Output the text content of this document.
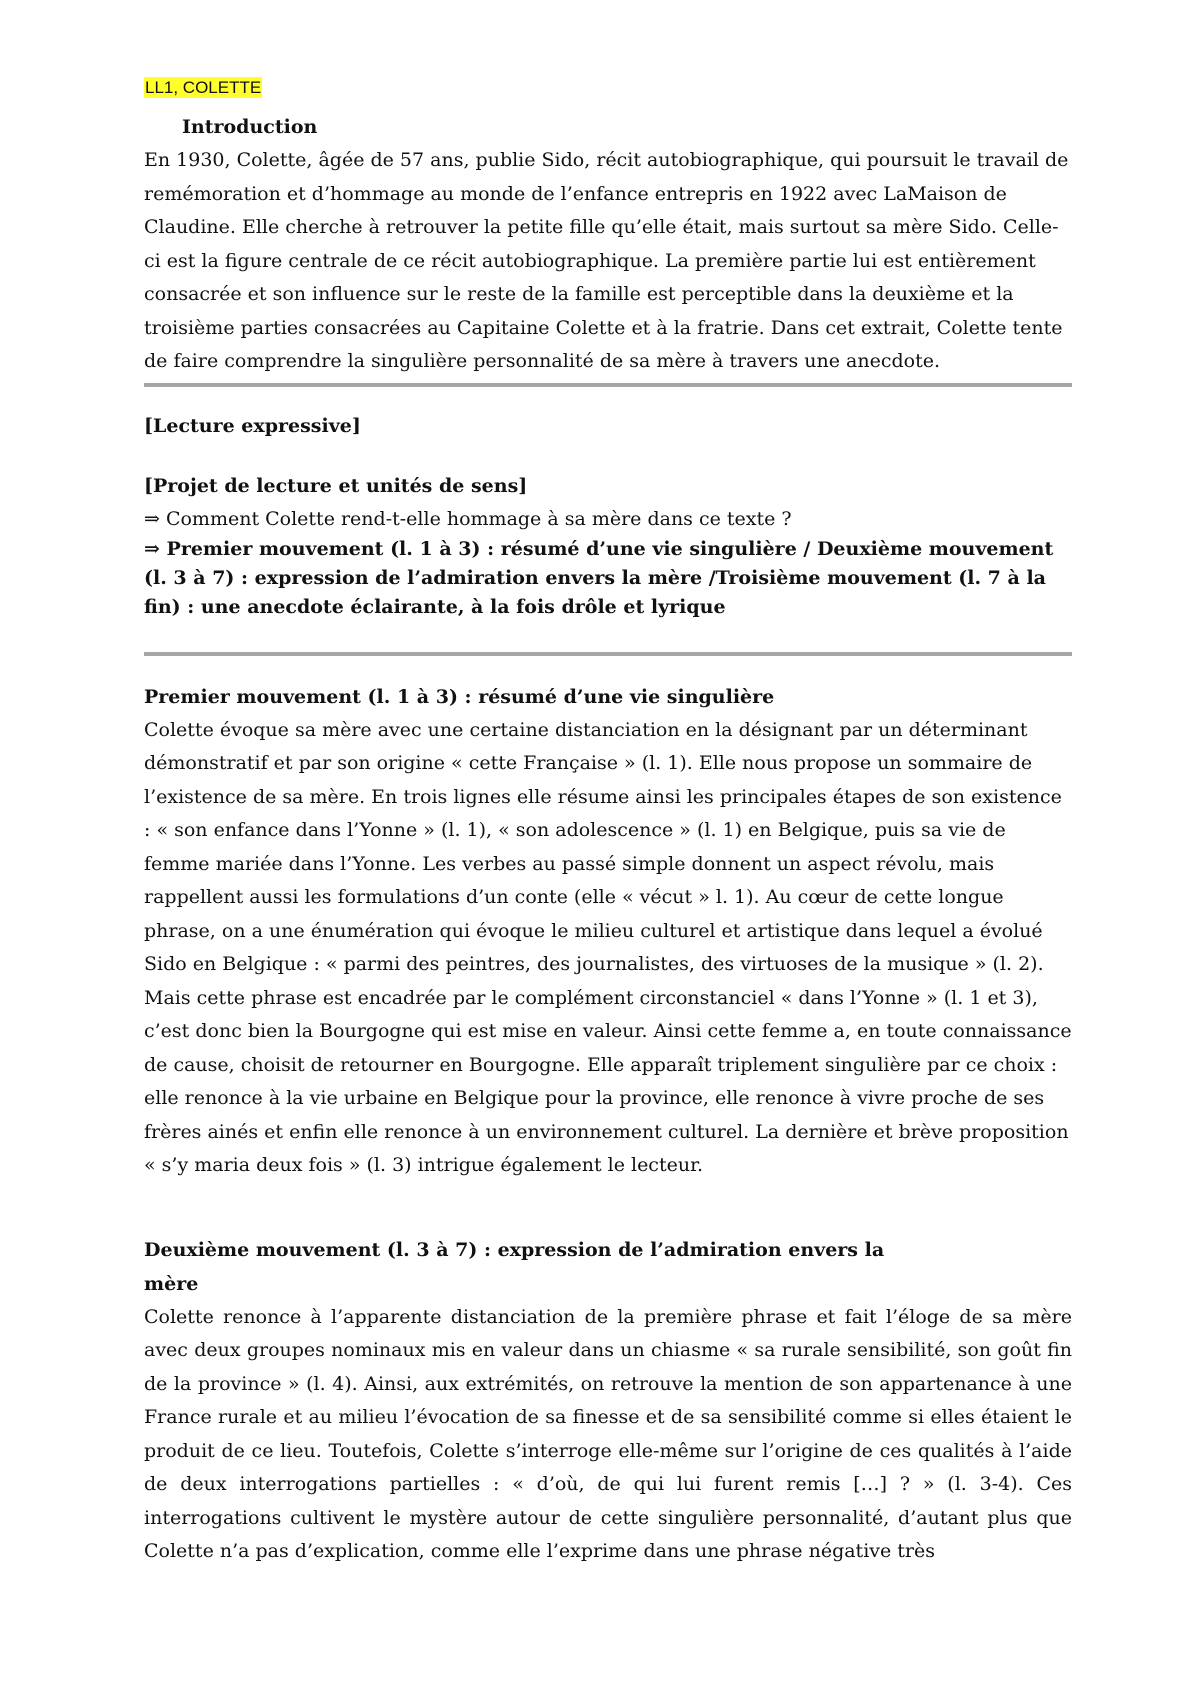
LL1, COLETTE
Introduction

En 1930, Colette, âgée de 57 ans, publie Sido, récit autobiographique, qui poursuit le travail de remémoration et d’hommage au monde de l’enfance entrepris en 1922 avec LaMaison de Claudine. Elle cherche à retrouver la petite fille qu’elle était, mais surtout sa mère Sido. Celle-ci est la figure centrale de ce récit autobiographique. La première partie lui est entièrement consacrée et son influence sur le reste de la famille est perceptible dans la deuxième et la troisième parties consacrées au Capitaine Colette et à la fratrie. Dans cet extrait, Colette tente de faire comprendre la singulière personnalité de sa mère à travers une anecdote.

[Lecture expressive]
[Projet de lecture et unités de sens]

⇒ Comment Colette rend-t-elle hommage à sa mère dans ce texte ?

⇒ Premier mouvement (l. 1 à 3) : résumé d’une vie singulière / Deuxième mouvement (l. 3 à 7) : expression de l’admiration envers la mère /Troisième mouvement (l. 7 à la fin) : une anecdote éclairante, à la fois drôle et lyrique

Premier mouvement (l. 1 à 3) : résumé d’une vie singulière

Colette évoque sa mère avec une certaine distanciation en la désignant par un déterminant démonstratif et par son origine « cette Française » (l. 1). Elle nous propose un sommaire de l’existence de sa mère. En trois lignes elle résume ainsi les principales étapes de son existence : « son enfance dans l’Yonne » (l. 1), « son adolescence » (l. 1) en Belgique, puis sa vie de femme mariée dans l’Yonne. Les verbes au passé simple donnent un aspect révolu, mais rappellent aussi les formulations d’un conte (elle « vécut » l. 1). Au cœur de cette longue phrase, on a une énumération qui évoque le milieu culturel et artistique dans lequel a évolué Sido en Belgique : « parmi des peintres, des journalistes, des virtuoses de la musique » (l. 2). Mais cette phrase est encadrée par le complément circonstanciel « dans l’Yonne » (l. 1 et 3), c’est donc bien la Bourgogne qui est mise en valeur. Ainsi cette femme a, en toute connaissance de cause, choisit de retourner en Bourgogne. Elle apparaît triplement singulière par ce choix : elle renonce à la vie urbaine en Belgique pour la province, elle renonce à vivre proche de ses frères ainés et enfin elle renonce à un environnement culturel. La dernière et brève proposition « s’y maria deux fois » (l. 3) intrigue également le lecteur.

Deuxième mouvement (l. 3 à 7) : expression de l’admiration envers la
mère

Colette renonce à l’apparente distanciation de la première phrase et fait l’éloge de sa mère avec deux groupes nominaux mis en valeur dans un chiasme « sa rurale sensibilité, son goût fin de la province » (l. 4). Ainsi, aux extrémités, on retrouve la mention de son appartenance à une France rurale et au milieu l’évocation de sa finesse et de sa sensibilité comme si elles étaient le produit de ce lieu. Toutefois, Colette s’interroge elle-même sur l’origine de ces qualités à l’aide de deux interrogations partielles : « d’où, de qui lui furent remis […] ? » (l. 3-4). Ces interrogations cultivent le mystère autour de cette singulière personnalité, d’autant plus que Colette n’a pas d’explication, comme elle l’exprime dans une phrase négative très
